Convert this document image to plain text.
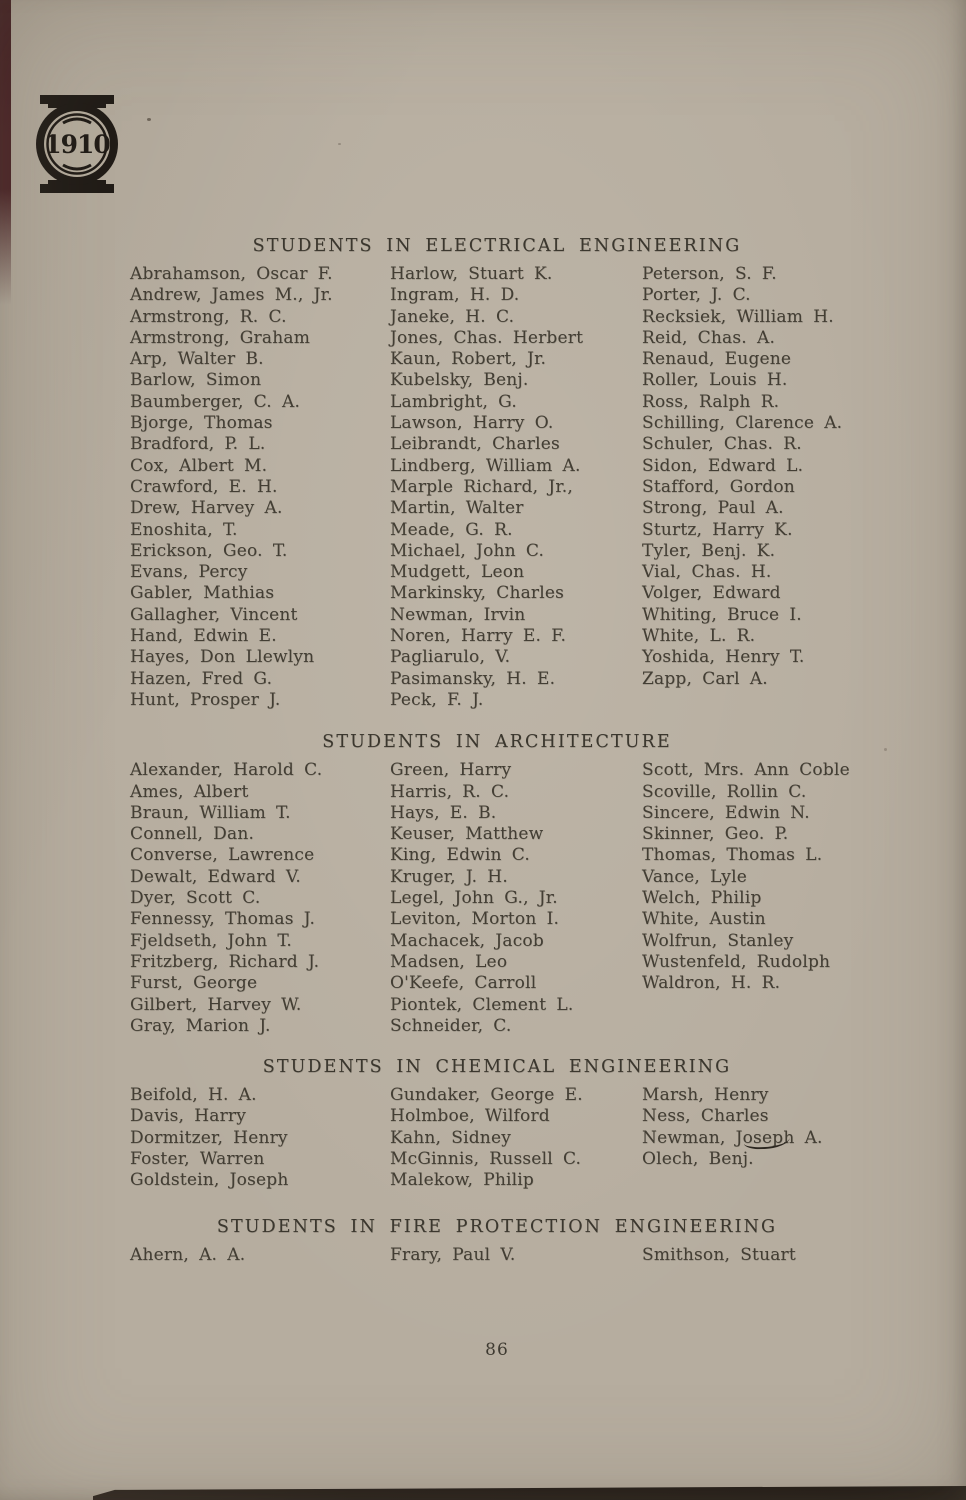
1910
STUDENTS IN ELECTRICAL ENGINEERING
Abrahamson, Oscar F.
Andrew, James M., Jr.
Armstrong, R. C.
Armstrong, Graham
Arp, Walter B.
Barlow, Simon
Baumberger, C. A.
Bjorge, Thomas
Bradford, P. L.
Cox, Albert M.
Crawford, E. H.
Drew, Harvey A.
Enoshita, T.
Erickson, Geo. T.
Evans, Percy
Gabler, Mathias
Gallagher, Vincent
Hand, Edwin E.
Hayes, Don Llewlyn
Hazen, Fred G.
Hunt, Prosper J.
Harlow, Stuart K.
Ingram, H. D.
Janeke, H. C.
Jones, Chas. Herbert
Kaun, Robert, Jr.
Kubelsky, Benj.
Lambright, G.
Lawson, Harry O.
Leibrandt, Charles
Lindberg, William A.
Marple Richard, Jr.,
Martin, Walter
Meade, G. R.
Michael, John C.
Mudgett, Leon
Markinsky, Charles
Newman, Irvin
Noren, Harry E. F.
Pagliarulo, V.
Pasimansky, H. E.
Peck, F. J.
Peterson, S. F.
Porter, J. C.
Recksiek, William H.
Reid, Chas. A.
Renaud, Eugene
Roller, Louis H.
Ross, Ralph R.
Schilling, Clarence A.
Schuler, Chas. R.
Sidon, Edward L.
Stafford, Gordon
Strong, Paul A.
Sturtz, Harry K.
Tyler, Benj. K.
Vial, Chas. H.
Volger, Edward
Whiting, Bruce I.
White, L. R.
Yoshida, Henry T.
Zapp, Carl A.
STUDENTS IN ARCHITECTURE
Alexander, Harold C.
Ames, Albert
Braun, William T.
Connell, Dan.
Converse, Lawrence
Dewalt, Edward V.
Dyer, Scott C.
Fennessy, Thomas J.
Fjeldseth, John T.
Fritzberg, Richard J.
Furst, George
Gilbert, Harvey W.
Gray, Marion J.
Green, Harry
Harris, R. C.
Hays, E. B.
Keuser, Matthew
King, Edwin C.
Kruger, J. H.
Legel, John G., Jr.
Leviton, Morton I.
Machacek, Jacob
Madsen, Leo
O'Keefe, Carroll
Piontek, Clement L.
Schneider, C.
Scott, Mrs. Ann Coble
Scoville, Rollin C.
Sincere, Edwin N.
Skinner, Geo. P.
Thomas, Thomas L.
Vance, Lyle
Welch, Philip
White, Austin
Wolfrun, Stanley
Wustenfeld, Rudolph
Waldron, H. R.
STUDENTS IN CHEMICAL ENGINEERING
Beifold, H. A.
Davis, Harry
Dormitzer, Henry
Foster, Warren
Goldstein, Joseph
Gundaker, George E.
Holmboe, Wilford
Kahn, Sidney
McGinnis, Russell C.
Malekow, Philip
Marsh, Henry
Ness, Charles
Newman, Joseph A.
Olech, Benj.
STUDENTS IN FIRE PROTECTION ENGINEERING
Ahern, A. A.	Frary, Paul V.	Smithson, Stuart
86
